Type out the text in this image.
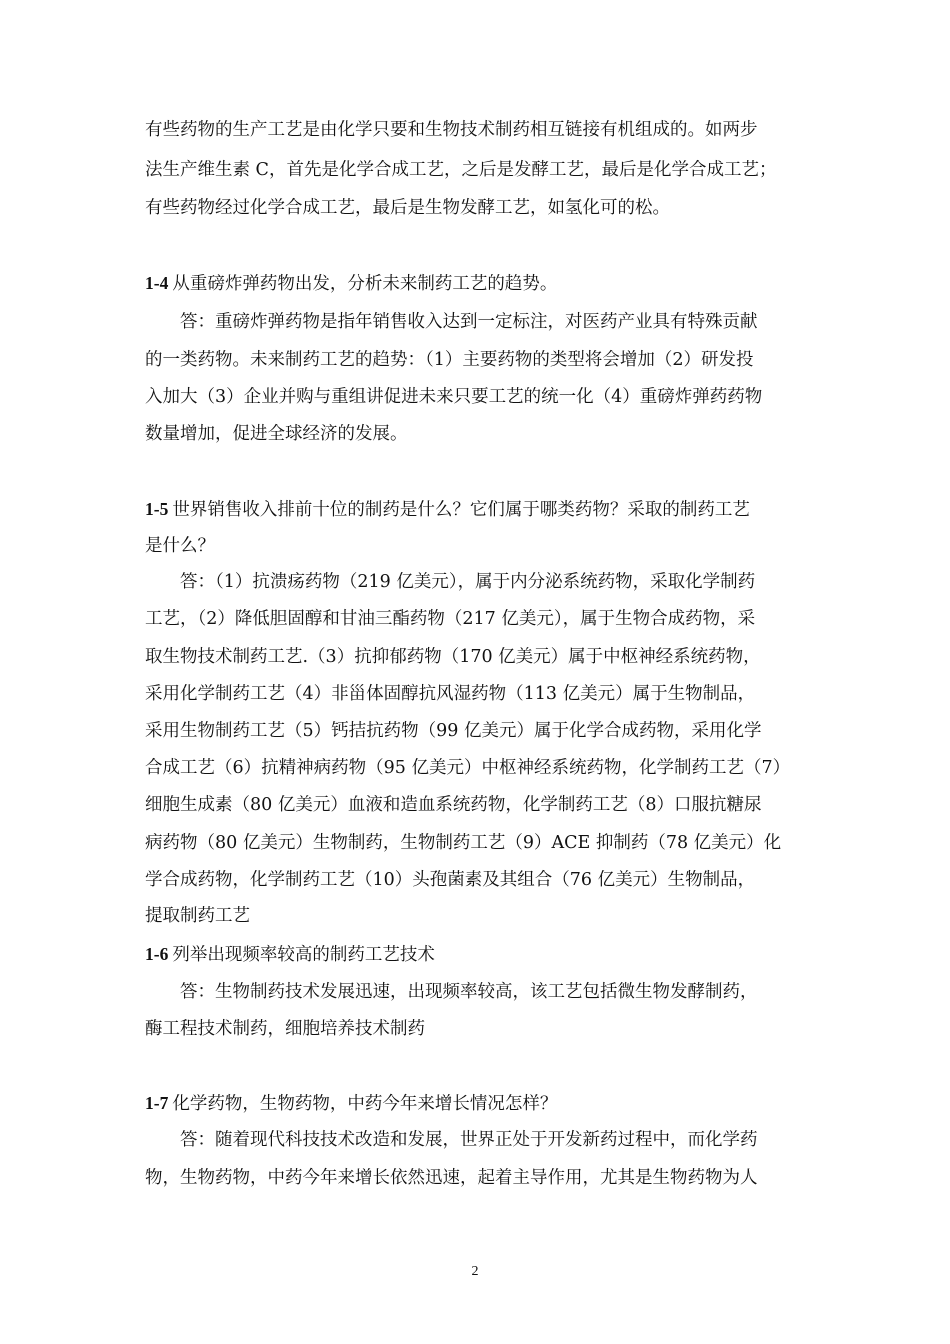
有些药物的生产工艺是由化学只要和生物技术制药相互链接有机组成的。如两步
法生产维生素 C，首先是化学合成工艺，之后是发酵工艺，最后是化学合成工艺；
有些药物经过化学合成工艺，最后是生物发酵工艺，如氢化可的松。
1-4 从重磅炸弹药物出发，分析未来制药工艺的趋势。
答：重磅炸弹药物是指年销售收入达到一定标注，对医药产业具有特殊贡献
的一类药物。未来制药工艺的趋势：（1）主要药物的类型将会增加（2）研发投
入加大（3）企业并购与重组讲促进未来只要工艺的统一化（4）重磅炸弹药药物
数量增加，促进全球经济的发展。
1-5 世界销售收入排前十位的制药是什么？它们属于哪类药物？采取的制药工艺
是什么？
答：（1）抗溃疡药物（219 亿美元），属于内分泌系统药物，采取化学制药
工艺，（2）降低胆固醇和甘油三酯药物（217 亿美元），属于生物合成药物，采
取生物技术制药工艺.（3）抗抑郁药物（170 亿美元）属于中枢神经系统药物，
采用化学制药工艺（4）非甾体固醇抗风湿药物（113 亿美元）属于生物制品，
采用生物制药工艺（5）钙拮抗药物（99 亿美元）属于化学合成药物，采用化学
合成工艺（6）抗精神病药物（95 亿美元）中枢神经系统药物，化学制药工艺（7）
细胞生成素（80 亿美元）血液和造血系统药物，化学制药工艺（8）口服抗糖尿
病药物（80 亿美元）生物制药，生物制药工艺（9）ACE 抑制药（78 亿美元）化
学合成药物，化学制药工艺（10）头孢菌素及其组合（76 亿美元）生物制品，
提取制药工艺
1-6 列举出现频率较高的制药工艺技术
答：生物制药技术发展迅速，出现频率较高，该工艺包括微生物发酵制药，
酶工程技术制药，细胞培养技术制药
1-7 化学药物，生物药物，中药今年来增长情况怎样？
答：随着现代科技技术改造和发展，世界正处于开发新药过程中，而化学药
物，生物药物，中药今年来增长依然迅速，起着主导作用，尤其是生物药物为人
2
